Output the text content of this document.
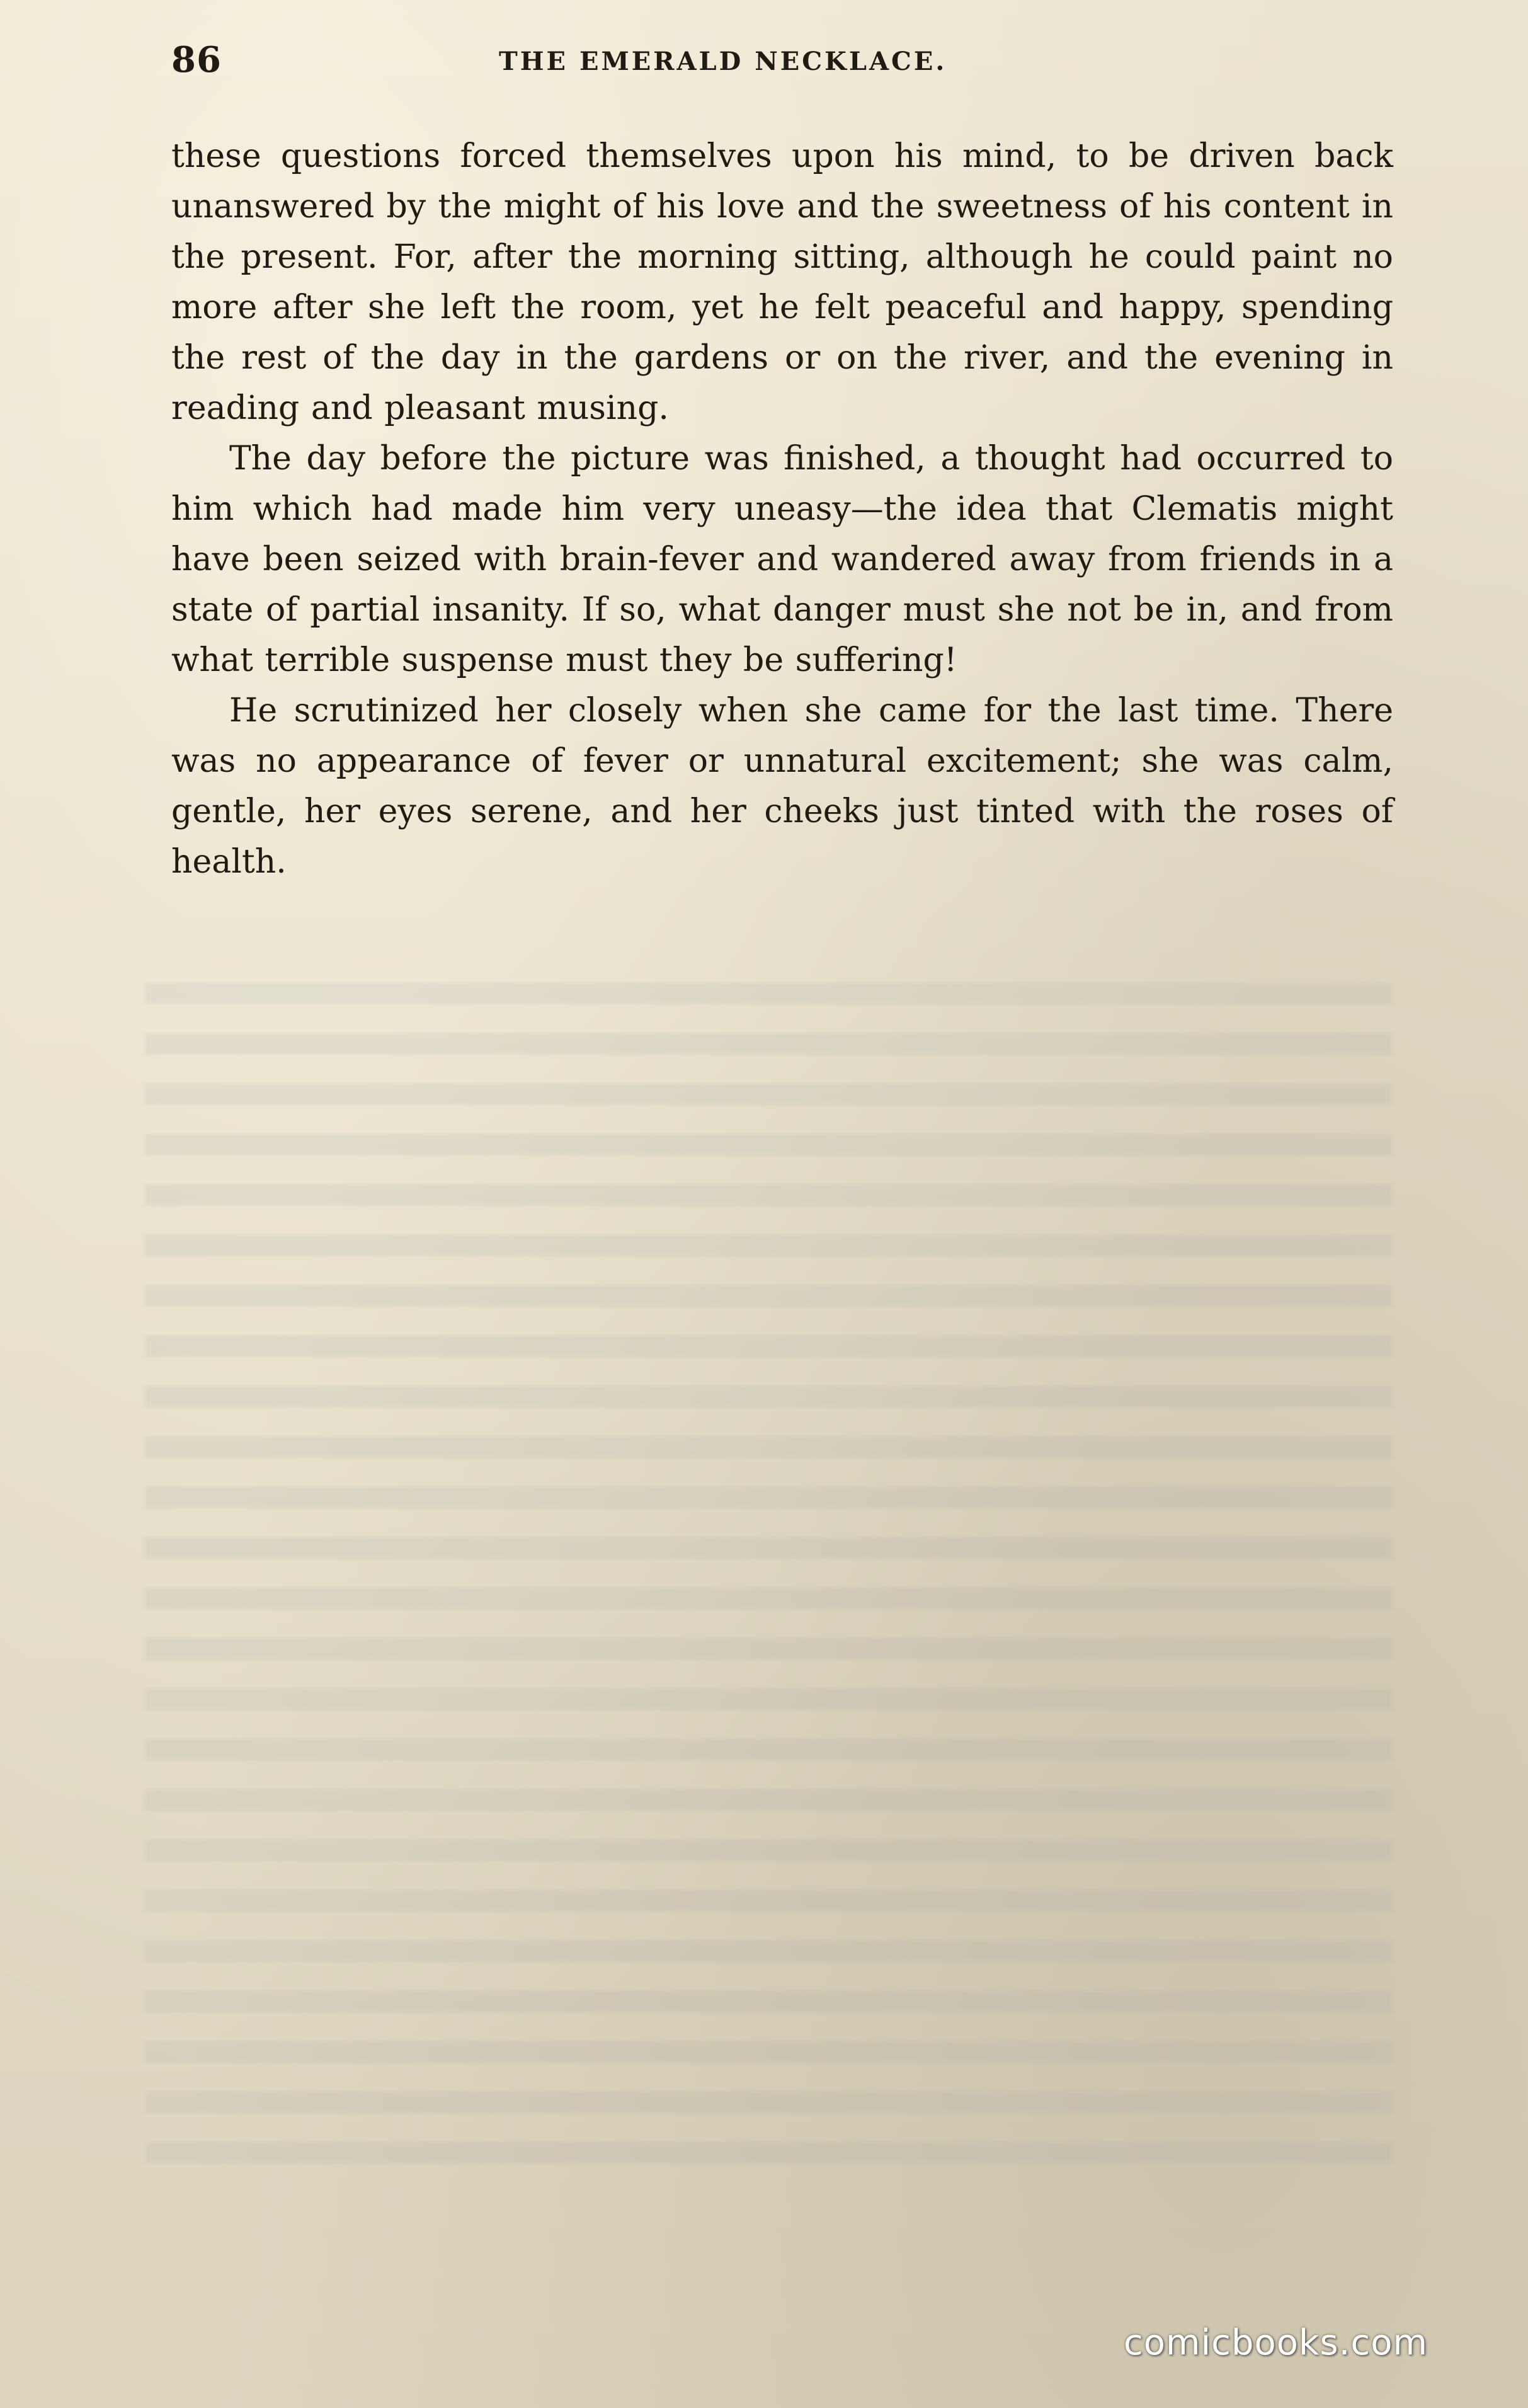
86	THE EMERALD NECKLACE.

these questions forced themselves upon his mind, to be driven back unanswered by the might of his love and the sweetness of his content in the present. For, after the morning sitting, although he could paint no more after she left the room, yet he felt peaceful and happy, spending the rest of the day in the gardens or on the river, and the evening in reading and pleasant musing.

The day before the picture was finished, a thought had occurred to him which had made him very uneasy—the idea that Clematis might have been seized with brain-fever and wandered away from friends in a state of partial insanity. If so, what danger must she not be in, and from what terrible suspense must they be suffering!

He scrutinized her closely when she came for the last time. There was no appearance of fever or unnatural excitement; she was calm, gentle, her eyes serene, and her cheeks just tinted with the roses of health.

comicbooks.com
